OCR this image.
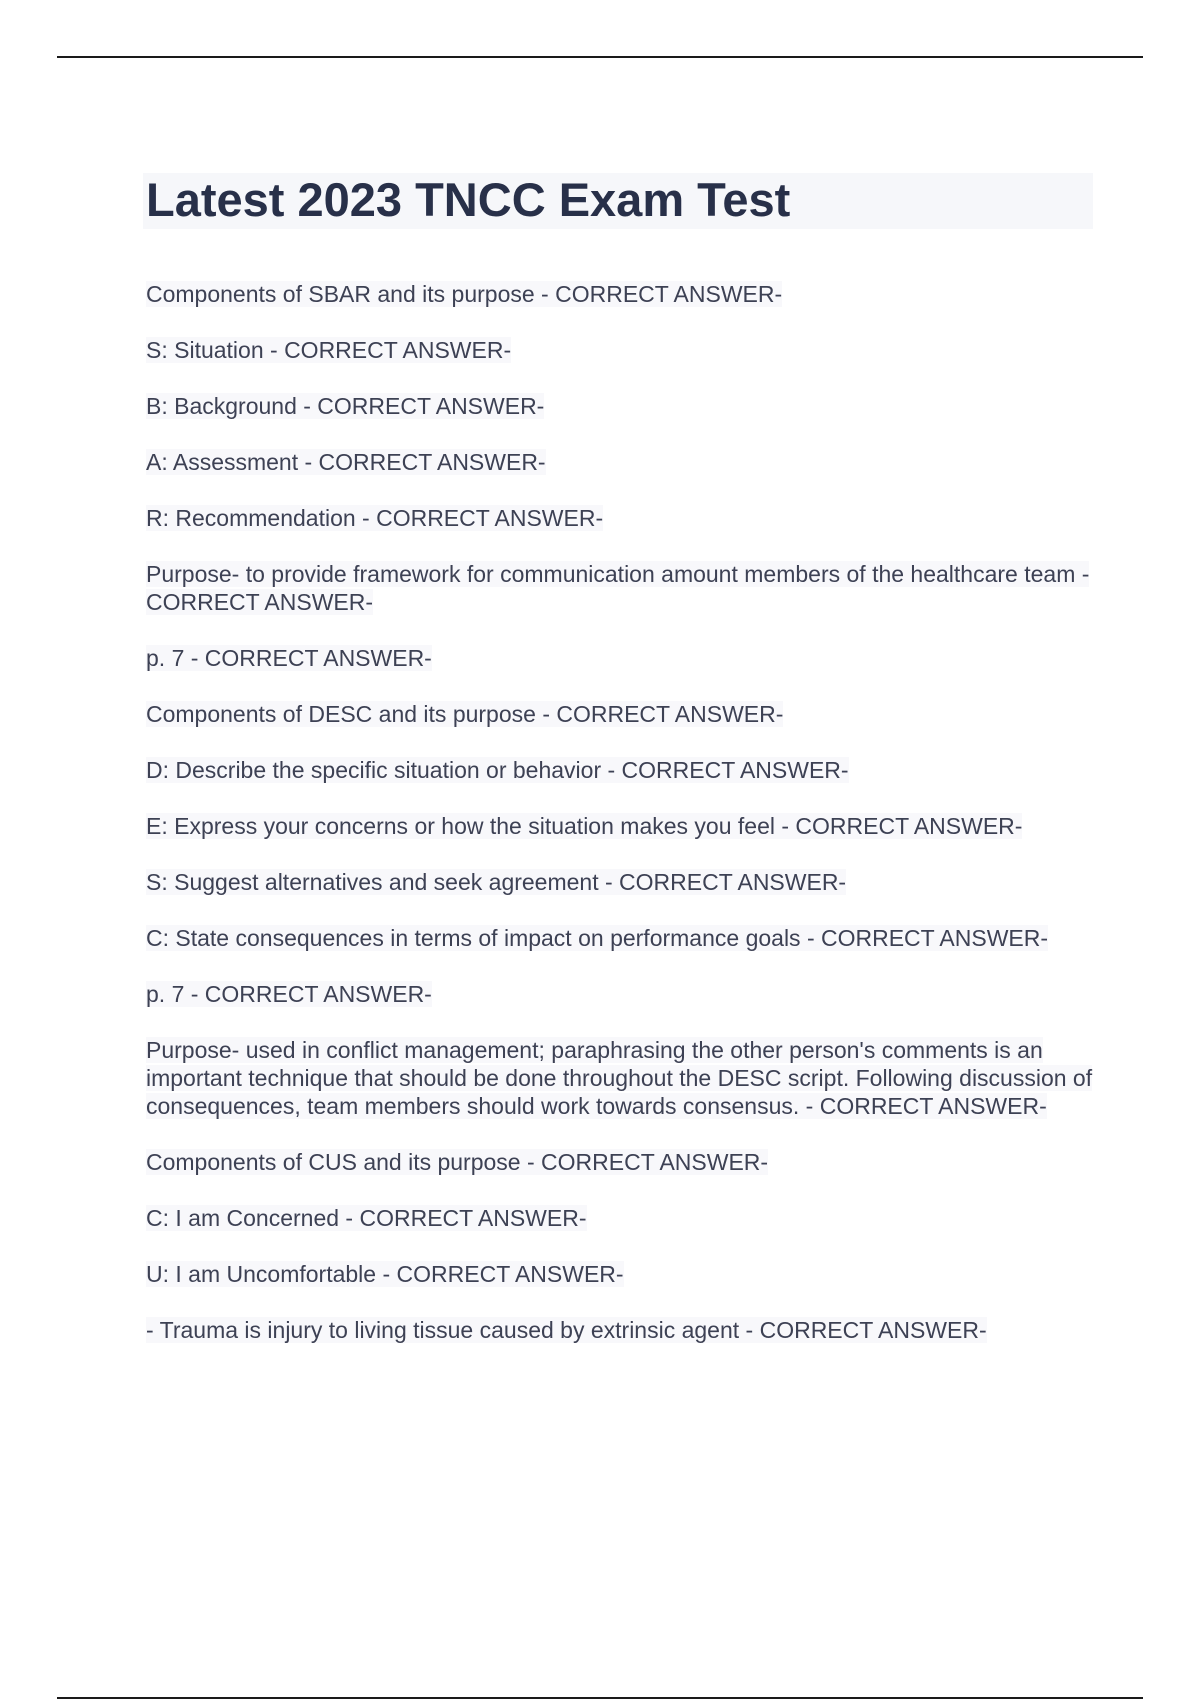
Latest 2023 TNCC Exam Test
Components of SBAR and its purpose - CORRECT ANSWER-
S: Situation - CORRECT ANSWER-
B: Background - CORRECT ANSWER-
A: Assessment - CORRECT ANSWER-
R: Recommendation - CORRECT ANSWER-
Purpose- to provide framework for communication amount members of the healthcare team - CORRECT ANSWER-
p. 7 - CORRECT ANSWER-
Components of DESC and its purpose - CORRECT ANSWER-
D: Describe the specific situation or behavior - CORRECT ANSWER-
E: Express your concerns or how the situation makes you feel - CORRECT ANSWER-
S: Suggest alternatives and seek agreement - CORRECT ANSWER-
C: State consequences in terms of impact on performance goals - CORRECT ANSWER-
p. 7 - CORRECT ANSWER-
Purpose- used in conflict management; paraphrasing the other person's comments is an important technique that should be done throughout the DESC script. Following discussion of consequences, team members should work towards consensus. - CORRECT ANSWER-
Components of CUS and its purpose - CORRECT ANSWER-
C: I am Concerned - CORRECT ANSWER-
U: I am Uncomfortable - CORRECT ANSWER-
- Trauma is injury to living tissue caused by extrinsic agent - CORRECT ANSWER-
